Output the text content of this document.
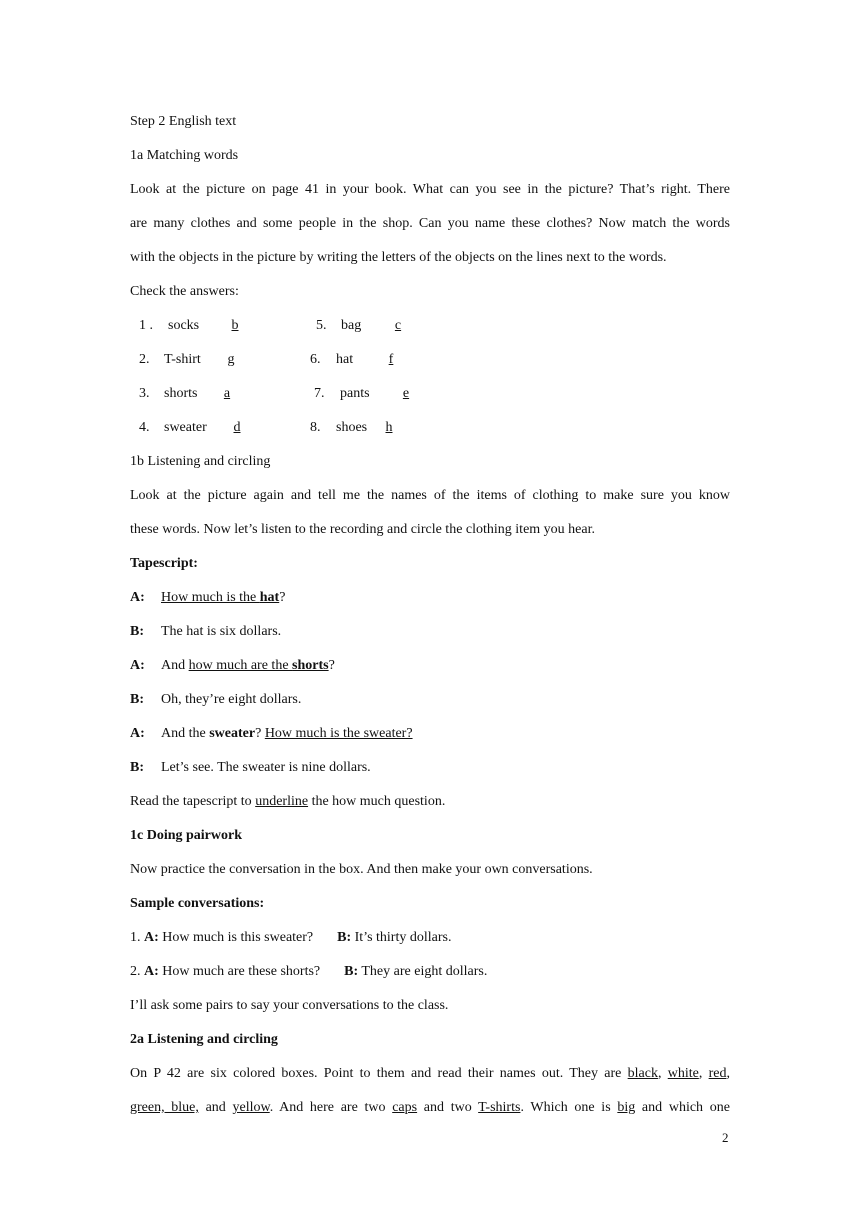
Step 2 English text
1a Matching words
Look at the picture on page 41 in your book. What can you see in the picture? That’s right. There
are many clothes and some people in the shop. Can you name these clothes? Now match the words
with the objects in the picture by writing the letters of the objects on the lines next to the words.
Check the answers:
1 . socks b
2. T-shirt g
3. shorts a
4. sweater d
5. bag c
6. hat	f
7. pants e
8. shoes h
1b Listening and circling
Look at the picture again and tell me the names of the items of clothing to make sure you know
these words. Now let’s listen to the recording and circle the clothing item you hear.
Tapescript:
A: How much is the hat?
B: The hat is six dollars.
A: And how much are the shorts?
B: Oh, they’re eight dollars.
A: And the sweater? How much is the sweater?
B: Let’s see. The sweater is nine dollars.
Read the tapescript to underline the how much question.
1c Doing pairwork
Now practice the conversation in the box. And then make your own conversations.
Sample conversations:
1. A: How much is this sweater? B: It’s thirty dollars.
2. A: How much are these shorts? B: They are eight dollars.
I’ll ask some pairs to say your conversations to the class.
2a Listening and circling
On P 42 are six colored boxes. Point to them and read their names out. They are black, white, red,
green, blue, and yellow. And here are two caps and two T-shirts. Which one is big and which one
2
